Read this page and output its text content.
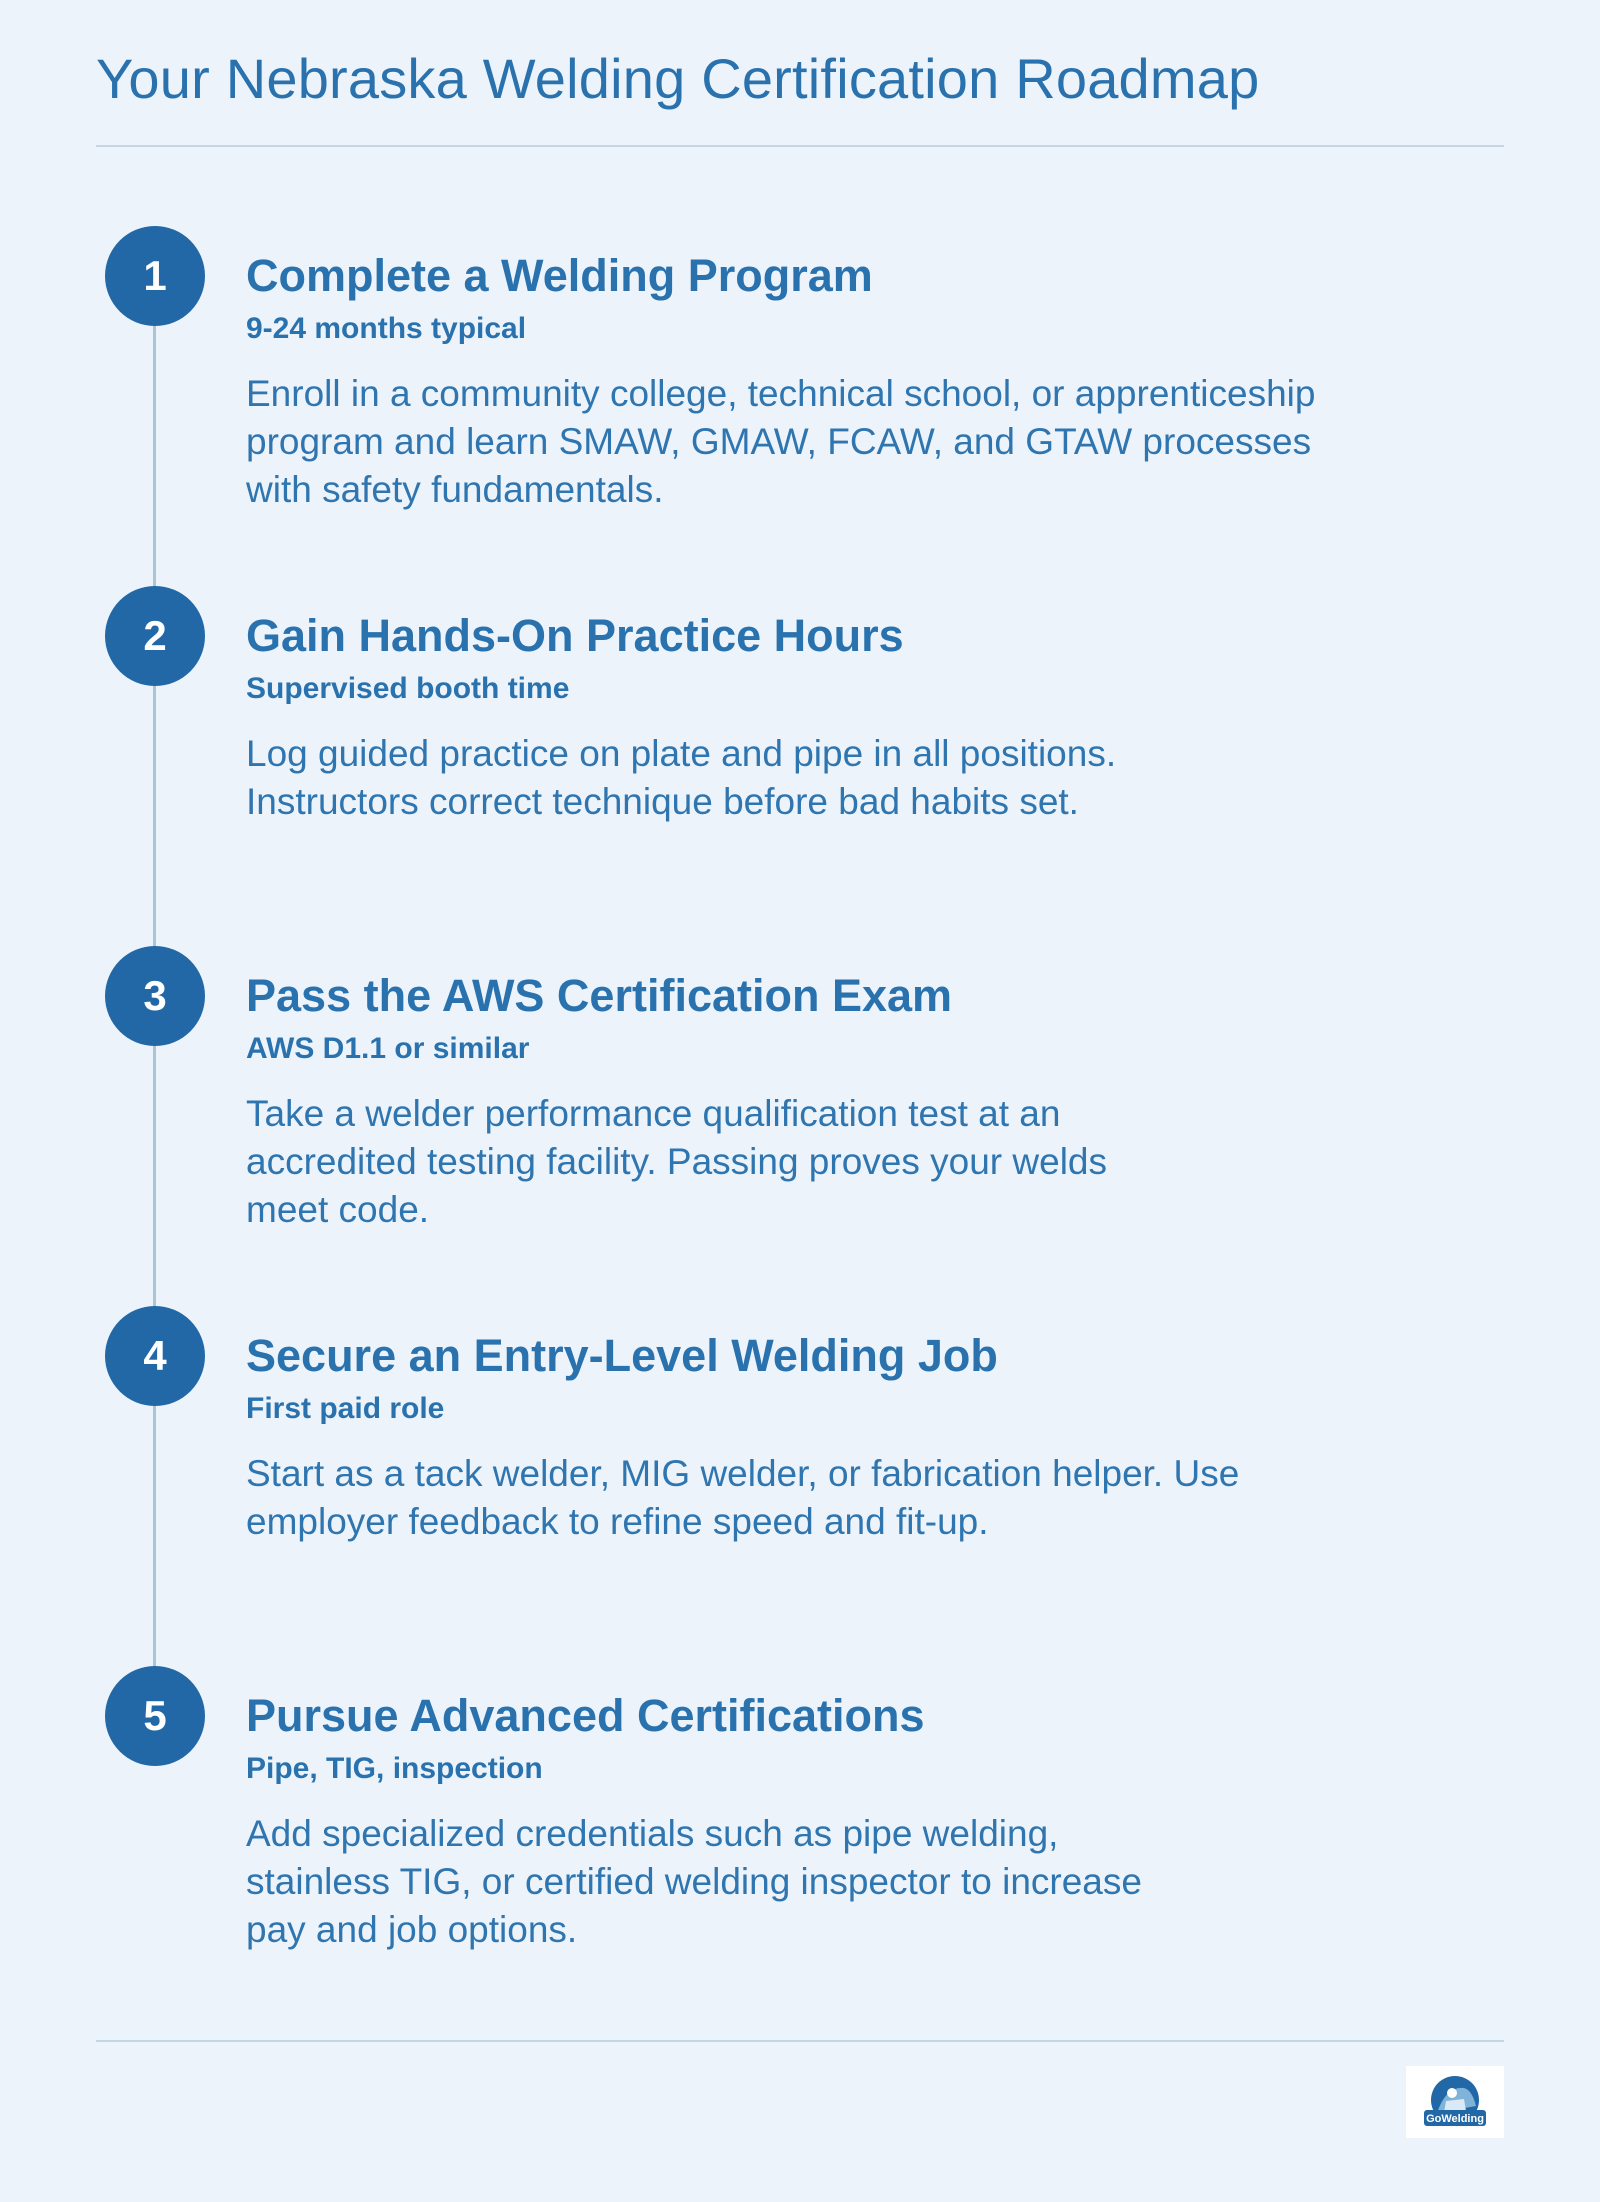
Your Nebraska Welding Certification Roadmap
1	Complete a Welding Program

9-24 months typical

Enroll in a community college, technical school, or apprenticeship program and learn SMAW, GMAW, FCAW, and GTAW processes with safety fundamentals.

2	Gain Hands-On Practice Hours

Supervised booth time

Log guided practice on plate and pipe in all positions. Instructors correct technique before bad habits set.

3	Pass the AWS Certification Exam

AWS D1.1 or similar

Take a welder performance qualification test at an accredited testing facility. Passing proves your welds meet code.

4	Secure an Entry-Level Welding Job

First paid role

Start as a tack welder, MIG welder, or fabrication helper. Use employer feedback to refine speed and fit-up.

5	Pursue Advanced Certifications

Pipe, TIG, inspection

Add specialized credentials such as pipe welding, stainless TIG, or certified welding inspector to increase pay and job options.

GoWelding
